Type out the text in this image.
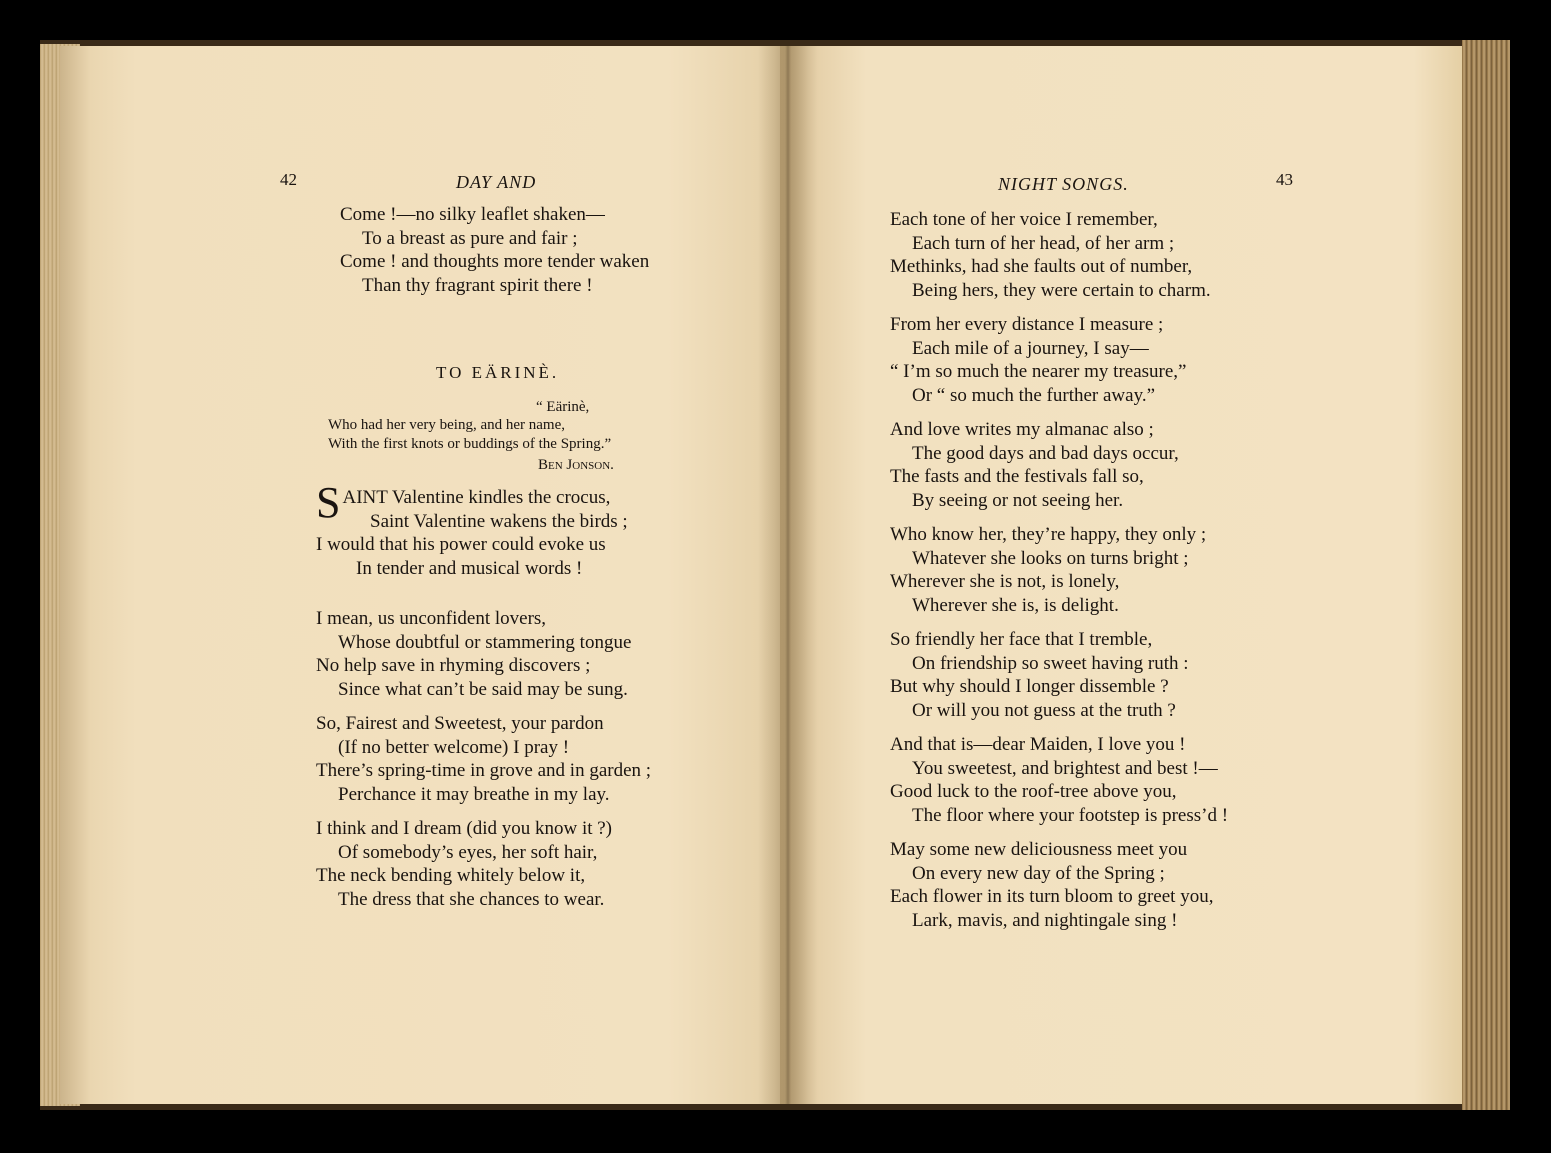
42	DAY AND
Come !—no silky leaflet shaken—
To a breast as pure and fair ;
Come ! and thoughts more tender waken
Than thy fragrant spirit there !
TO EÄRINÈ.
“ Eärinè,
Who had her very being, and her name,
With the first knots or buddings of the Spring.”
Ben Jonson.
SAINT Valentine kindles the crocus,
Saint Valentine wakens the birds ;
I would that his power could evoke us
In tender and musical words !
I mean, us unconfident lovers,
Whose doubtful or stammering tongue
No help save in rhyming discovers ;
Since what can’t be said may be sung.
So, Fairest and Sweetest, your pardon
(If no better welcome) I pray !
There’s spring-time in grove and in garden ;
Perchance it may breathe in my lay.
I think and I dream (did you know it ?)
Of somebody’s eyes, her soft hair,
The neck bending whitely below it,
The dress that she chances to wear.
NIGHT SONGS.	43
Each tone of her voice I remember,
Each turn of her head, of her arm ;
Methinks, had she faults out of number,
Being hers, they were certain to charm.
From her every distance I measure ;
Each mile of a journey, I say—
“ I’m so much the nearer my treasure,”
Or “ so much the further away.”
And love writes my almanac also ;
The good days and bad days occur,
The fasts and the festivals fall so,
By seeing or not seeing her.
Who know her, they’re happy, they only ;
Whatever she looks on turns bright ;
Wherever she is not, is lonely,
Wherever she is, is delight.
So friendly her face that I tremble,
On friendship so sweet having ruth :
But why should I longer dissemble ?
Or will you not guess at the truth ?
And that is—dear Maiden, I love you !
You sweetest, and brightest and best !—
Good luck to the roof-tree above you,
The floor where your footstep is press’d !
May some new deliciousness meet you
On every new day of the Spring ;
Each flower in its turn bloom to greet you,
Lark, mavis, and nightingale sing !
